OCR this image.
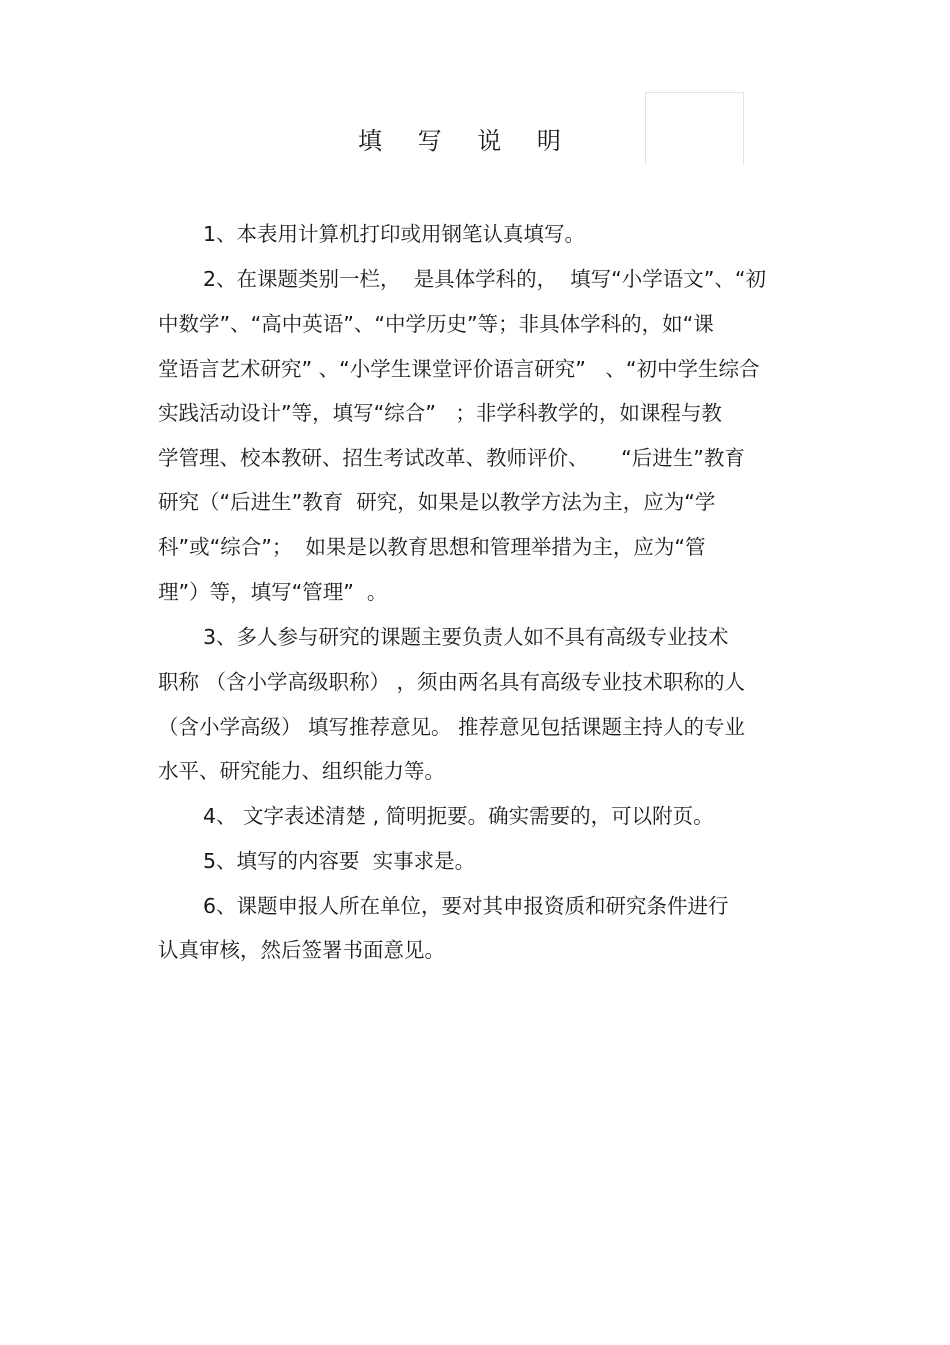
填 写 说 明
1、本表用计算机打印或用钢笔认真填写。
2、在课题类别一栏，  是具体学科的，  填写“小学语文”、“初
中数学”、“高中英语”、“中学历史”等；非具体学科的，如“课
堂语言艺术研究” 、“小学生课堂评价语言研究”   、“初中学生综合
实践活动设计”等，填写“综合”   ；非学科教学的，如课程与教
学管理、校本教研、招生考试改革、教师评价、     “后进生”教育
研究（“后进生”教育  研究，如果是以教学方法为主，应为“学
科”或“综合”；  如果是以教育思想和管理举措为主，应为“管
理”）等，填写“管理”  。
3、多人参与研究的课题主要负责人如不具有高级专业技术
职称 （含小学高级职称） ，须由两名具有高级专业技术职称的人
（含小学高级） 填写推荐意见。 推荐意见包括课题主持人的专业
水平、研究能力、组织能力等。
4、 文字表述清楚 , 简明扼要。确实需要的，可以附页。
5、填写的内容要  实事求是。
6、课题申报人所在单位，要对其申报资质和研究条件进行
认真审核，然后签署书面意见。
